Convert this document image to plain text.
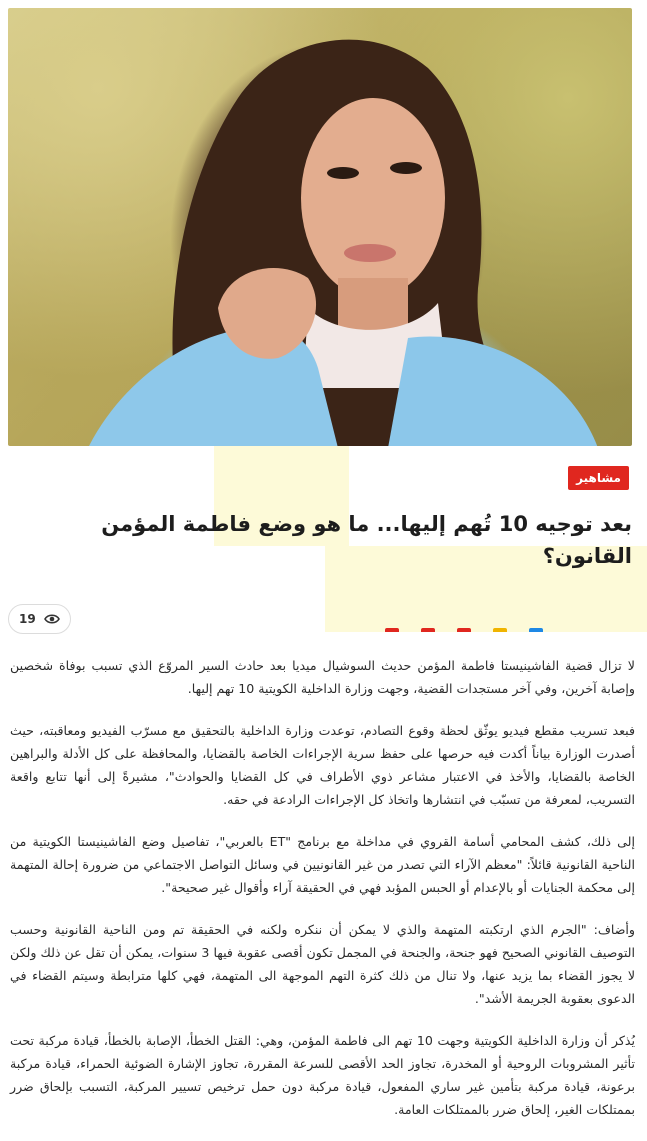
مشاهير
بعد توجيه 10 تُهم إليها... ما هو وضع فاطمة المؤمن القانون؟
19

لا تزال قضية الفاشينيستا فاطمة المؤمن حديث السوشيال ميديا بعد حادث السير المروّع الذي تسبب بوفاة شخصين وإصابة آخرين، وفي آخر مستجدات القضية، وجهت وزارة الداخلية الكويتية 10 تهم إليها.

فبعد تسريب مقطع فيديو يوثّق لحظة وقوع التصادم، توعدت وزارة الداخلية بالتحقيق مع مسرّب الفيديو ومعاقبته، حيث أصدرت الوزارة بياناً أكدت فيه حرصها على حفظ سرية الإجراءات الخاصة بالقضايا، والمحافظة على كل الأدلة والبراهين الخاصة بالقضايا، والأخذ في الاعتبار مشاعر ذوي الأطراف في كل القضايا والحوادث"، مشيرةً إلى أنها تتابع واقعة التسريب، لمعرفة من تسبّب في انتشارها واتخاذ كل الإجراءات الرادعة في حقه.

إلى ذلك، كشف المحامي أسامة القروي في مداخلة مع برنامج "ET بالعربي"، تفاصيل وضع الفاشينيستا الكويتية من الناحية القانونية قائلاً: "معظم الآراء التي تصدر من غير القانونيين في وسائل التواصل الاجتماعي من ضرورة إحالة المتهمة إلى محكمة الجنايات أو بالإعدام أو الحبس المؤبد فهي في الحقيقة آراء وأقوال غير صحيحة".

وأضاف: "الجرم الذي ارتكبته المتهمة والذي لا يمكن أن ننكره ولكنه في الحقيقة تم ومن الناحية القانونية وحسب التوصيف القانوني الصحيح فهو جنحة، والجنحة في المجمل تكون أقصى عقوبة فيها 3 سنوات، يمكن أن تقل عن ذلك ولكن لا يجوز القضاء بما يزيد عنها، ولا تنال من ذلك كثرة التهم الموجهة الى المتهمة، فهي كلها مترابطة وسيتم القضاء في الدعوى بعقوبة الجريمة الأشد".

يُذكر أن وزارة الداخلية الكويتية وجهت 10 تهم الى فاطمة المؤمن، وهي: القتل الخطأ، الإصابة بالخطأ، قيادة مركبة تحت تأثير المشروبات الروحية أو المخدرة، تجاوز الحد الأقصى للسرعة المقررة، تجاوز الإشارة الضوئية الحمراء، قيادة مركبة برعونة، قيادة مركبة بتأمين غير ساري المفعول، قيادة مركبة دون حمل ترخيص تسيير المركبة، التسبب بإلحاق ضرر بممتلكات الغير، إلحاق ضرر بالممتلكات العامة.
